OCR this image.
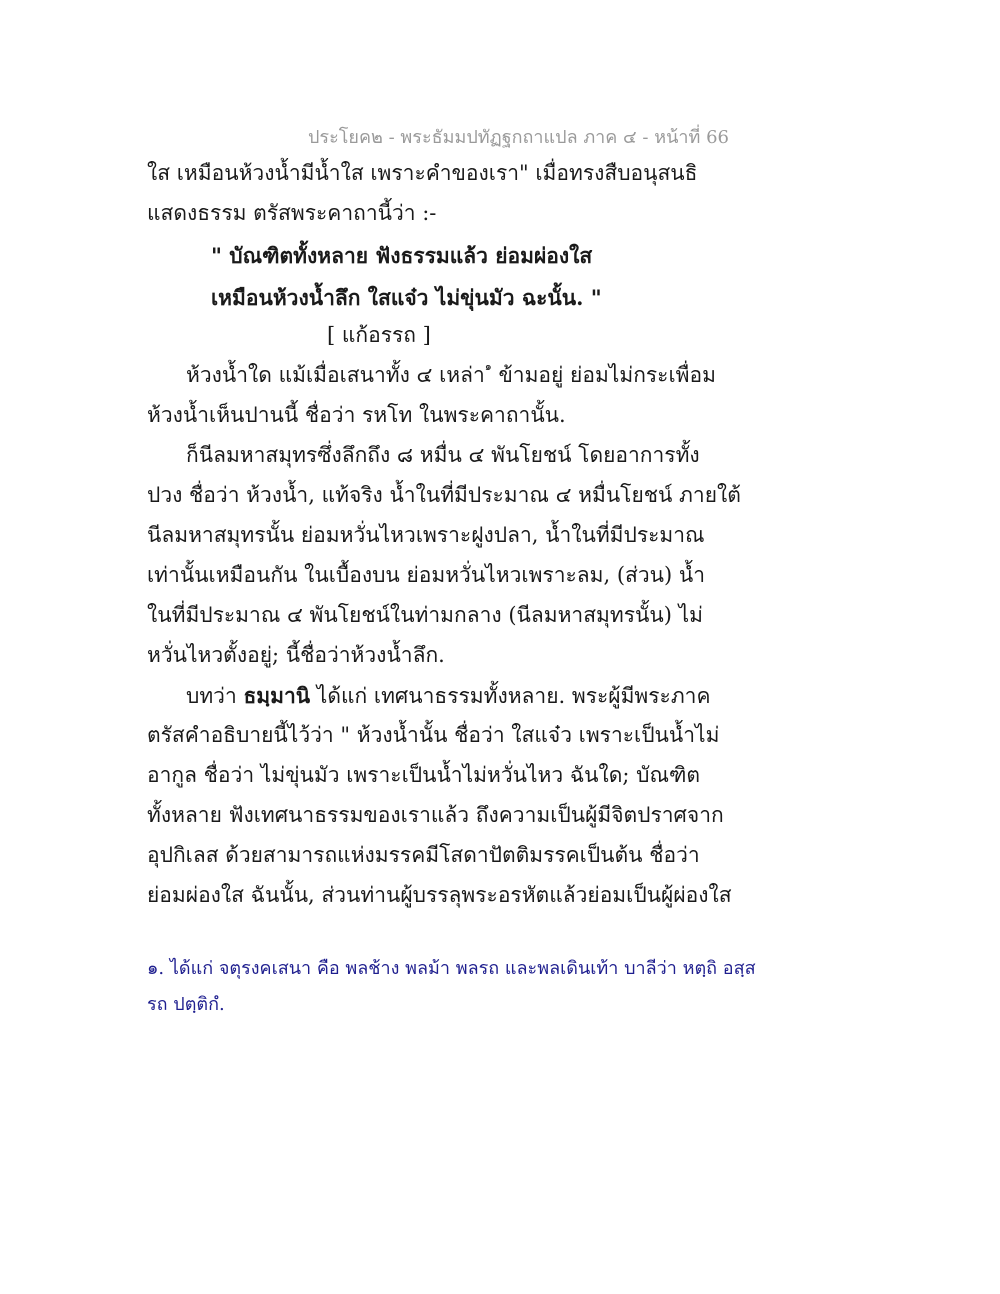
ประโยค๒ - พระธัมมปทัฏฐกถาแปล ภาค ๔ - หน้าที่ 66
ใส เหมือนห้วงน้ำมีน้ำใส เพราะคำของเรา" เมื่อทรงสืบอนุสนธิ
แสดงธรรม ตรัสพระคาถานี้ว่า :-
" บัณฑิตทั้งหลาย ฟังธรรมแล้ว ย่อมผ่องใส
เหมือนห้วงน้ำลึก ใสแจ๋ว ไม่ขุ่นมัว ฉะนั้น. "
[ แก้อรรถ ]
ห้วงน้ำใด แม้เมื่อเสนาทั้ง ๔ เหล่า$^๑$ ข้ามอยู่ ย่อมไม่กระเพื่อม
ห้วงน้ำเห็นปานนี้ ชื่อว่า รหโท ในพระคาถานั้น.
ก็นีลมหาสมุทรซึ่งลึกถึง ๘ หมื่น ๔ พันโยชน์ โดยอาการทั้ง
ปวง ชื่อว่า ห้วงน้ำ, แท้จริง น้ำในที่มีประมาณ ๔ หมื่นโยชน์ ภายใต้
นีลมหาสมุทรนั้น ย่อมหวั่นไหวเพราะฝูงปลา, น้ำในที่มีประมาณ
เท่านั้นเหมือนกัน ในเบื้องบน ย่อมหวั่นไหวเพราะลม, (ส่วน) น้ำ
ในที่มีประมาณ ๔ พันโยชน์ในท่ามกลาง (นีลมหาสมุทรนั้น) ไม่
หวั่นไหวตั้งอยู่; นี้ชื่อว่าห้วงน้ำลึก.
บทว่า ธมฺมานิ ได้แก่ เทศนาธรรมทั้งหลาย. พระผู้มีพระภาค
ตรัสคำอธิบายนี้ไว้ว่า " ห้วงน้ำนั้น ชื่อว่า ใสแจ๋ว เพราะเป็นน้ำไม่
อากูล ชื่อว่า ไม่ขุ่นมัว เพราะเป็นน้ำไม่หวั่นไหว ฉันใด; บัณฑิต
ทั้งหลาย ฟังเทศนาธรรมของเราแล้ว ถึงความเป็นผู้มีจิตปราศจาก
อุปกิเลส ด้วยสามารถแห่งมรรคมีโสดาปัตติมรรคเป็นต้น ชื่อว่า
ย่อมผ่องใส ฉันนั้น, ส่วนท่านผู้บรรลุพระอรหัตแล้วย่อมเป็นผู้ผ่องใส
๑. ได้แก่ จตุรงคเสนา คือ พลช้าง พลม้า พลรถ และพลเดินเท้า บาลีว่า หตฺถิ อสฺส
รถ ปตฺติกํ.
